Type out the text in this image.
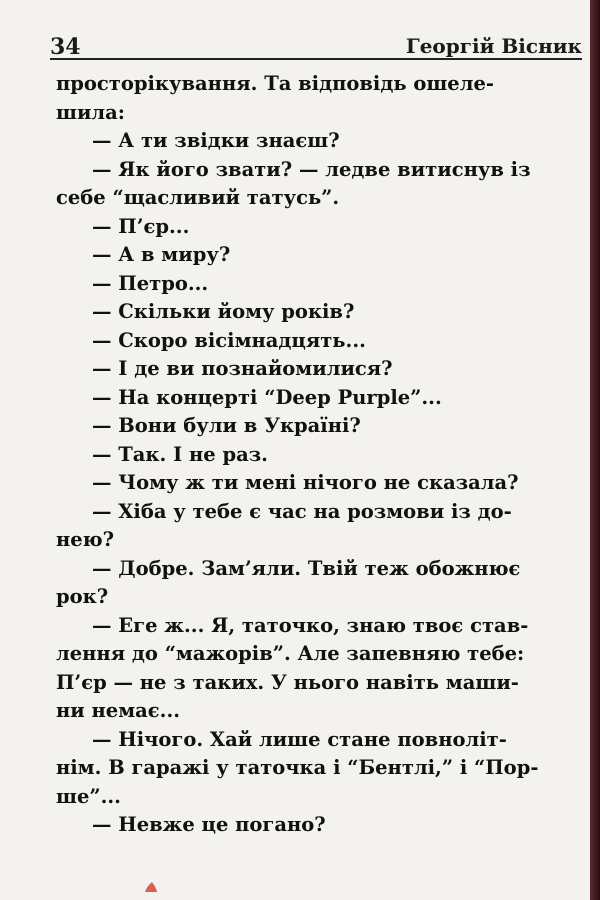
34	Георгій Вісник
просторікування. Та відповідь ошеле-
шила:
— А ти звідки знаєш?
— Як його звати? — ледве витиснув із
себе “щасливий татусь”.
— П’єр...
— А в миру?
— Петро...
— Скільки йому років?
— Скоро вісімнадцять...
— І де ви познайомилися?
— На концерті “Deep Purple”...
— Вони були в Україні?
— Так. І не раз.
— Чому ж ти мені нічого не сказала?
— Хіба у тебе є час на розмови із до-
нею?
— Добре. Зам’яли. Твій теж обожнює
рок?
— Еге ж... Я, таточко, знаю твоє став-
лення до “мажорів”. Але запевняю тебе:
П’єр — не з таких. У нього навіть маши-
ни немає...
— Нічого. Хай лише стане повноліт-
нім. В гаражі у таточка і “Бентлі,” і “Пор-
ше”...
— Невже це погано?
